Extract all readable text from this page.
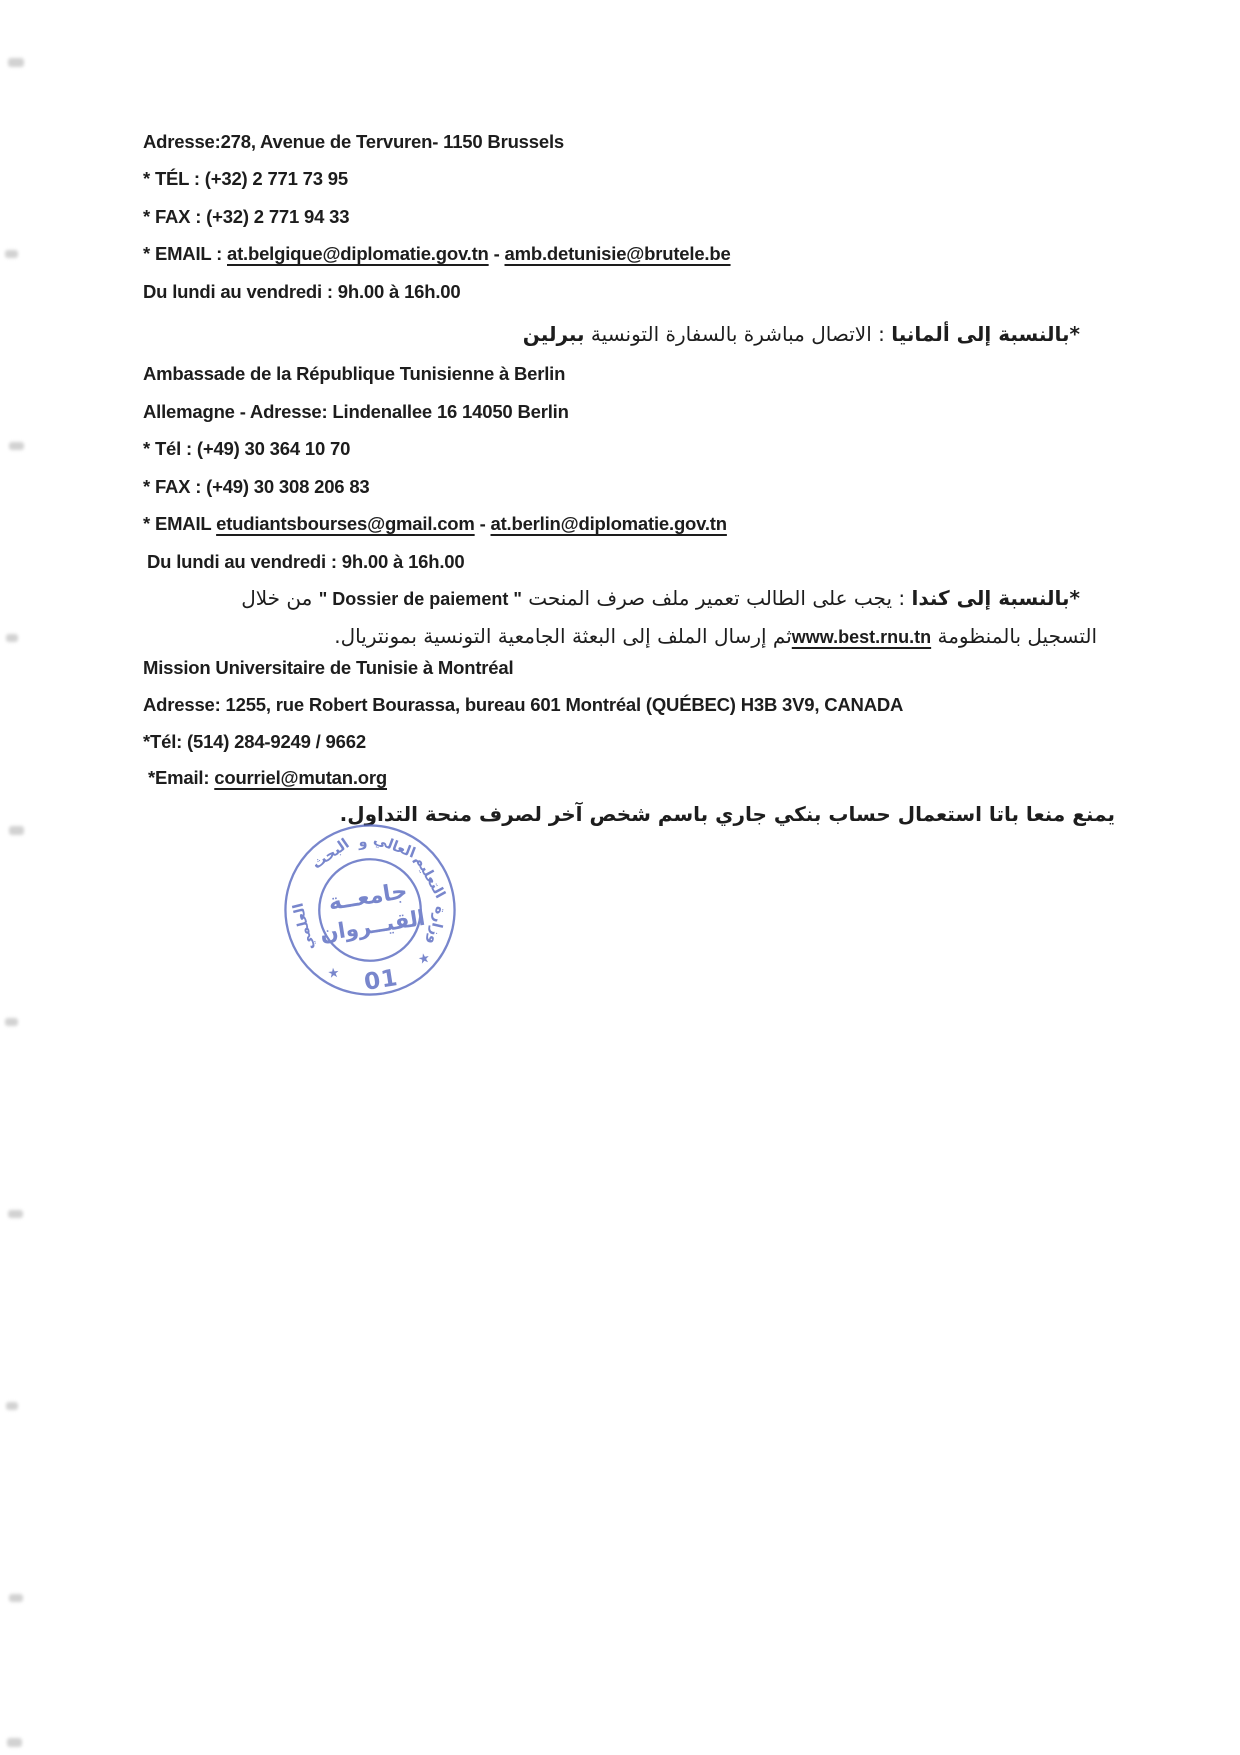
Adresse:278, Avenue de Tervuren- 1150 Brussels
* TÉL : (+32) 2 771 73 95
* FAX : (+32) 2 771 94 33
* EMAIL : at.belgique@diplomatie.gov.tn - amb.detunisie@brutele.be
Du lundi au vendredi : 9h.00 à 16h.00
*بالنسبة إلى ألمانيا : الاتصال مباشرة بالسفارة التونسية ببرلين
Ambassade de la République Tunisienne à Berlin
Allemagne - Adresse: Lindenallee 16 14050 Berlin
* Tél : (+49) 30 364 10 70
* FAX : (+49) 30 308 206 83
* EMAIL etudiantsbourses@gmail.com - at.berlin@diplomatie.gov.tn
Du lundi au vendredi : 9h.00 à 16h.00
*بالنسبة إلى كندا : يجب على الطالب تعمير ملف صرف المنحت " Dossier de paiement " من خلال
التسجيل بالمنظومة www.best.rnu.tnثم إرسال الملف إلى البعثة الجامعية التونسية بمونتريال.
Mission Universitaire de Tunisie à Montréal
Adresse: 1255, rue Robert Bourassa, bureau 601 Montréal (QUÉBEC) H3B 3V9, CANADA
*Tél: (514) 284-9249 / 9662
*Email: courriel@mutan.org
يمنع منعا باتا استعمال حساب بنكي جاري باسم شخص آخر لصرف منحة التداول.
وزارة
التعليم
العالي
و
البحث
العلمي
★
★
جامعــة
القيــروان
01
